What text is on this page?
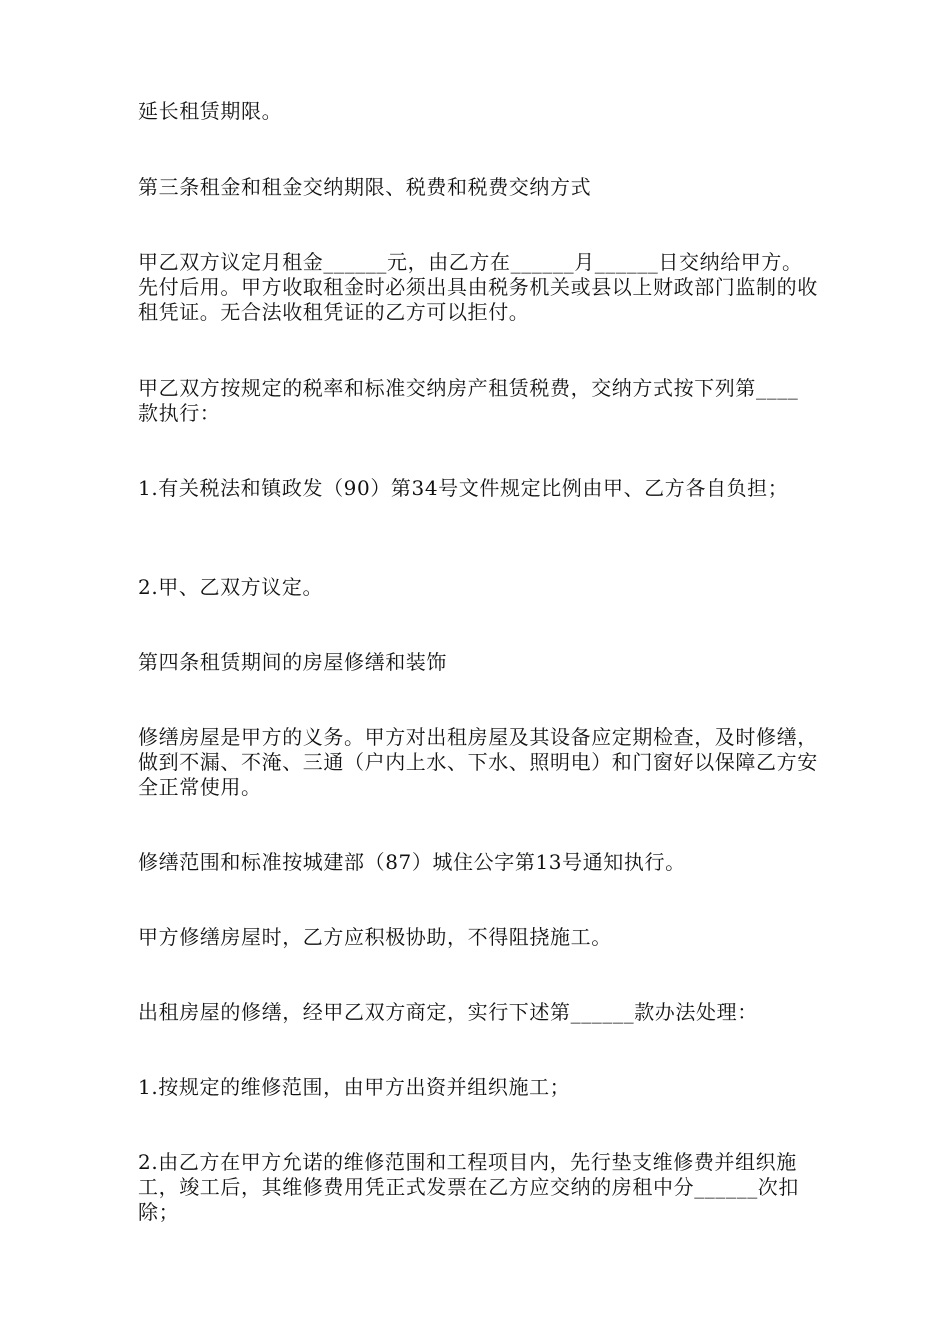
延长租赁期限。

第三条租金和租金交纳期限、税费和税费交纳方式

甲乙双方议定月租金______元，由乙方在______月______日交纳给甲方。先付后用。甲方收取租金时必须出具由税务机关或县以上财政部门监制的收租凭证。无合法收租凭证的乙方可以拒付。

甲乙双方按规定的税率和标准交纳房产租赁税费，交纳方式按下列第____款执行：

1.有关税法和镇政发（90）第34号文件规定比例由甲、乙方各自负担；

2.甲、乙双方议定。

第四条租赁期间的房屋修缮和装饰

修缮房屋是甲方的义务。甲方对出租房屋及其设备应定期检查，及时修缮，做到不漏、不淹、三通（户内上水、下水、照明电）和门窗好以保障乙方安全正常使用。

修缮范围和标准按城建部（87）城住公字第13号通知执行。

甲方修缮房屋时，乙方应积极协助，不得阻挠施工。

出租房屋的修缮，经甲乙双方商定，实行下述第______款办法处理：

1.按规定的维修范围，由甲方出资并组织施工；

2.由乙方在甲方允诺的维修范围和工程项目内，先行垫支维修费并组织施工，竣工后，其维修费用凭正式发票在乙方应交纳的房租中分______次扣除；
